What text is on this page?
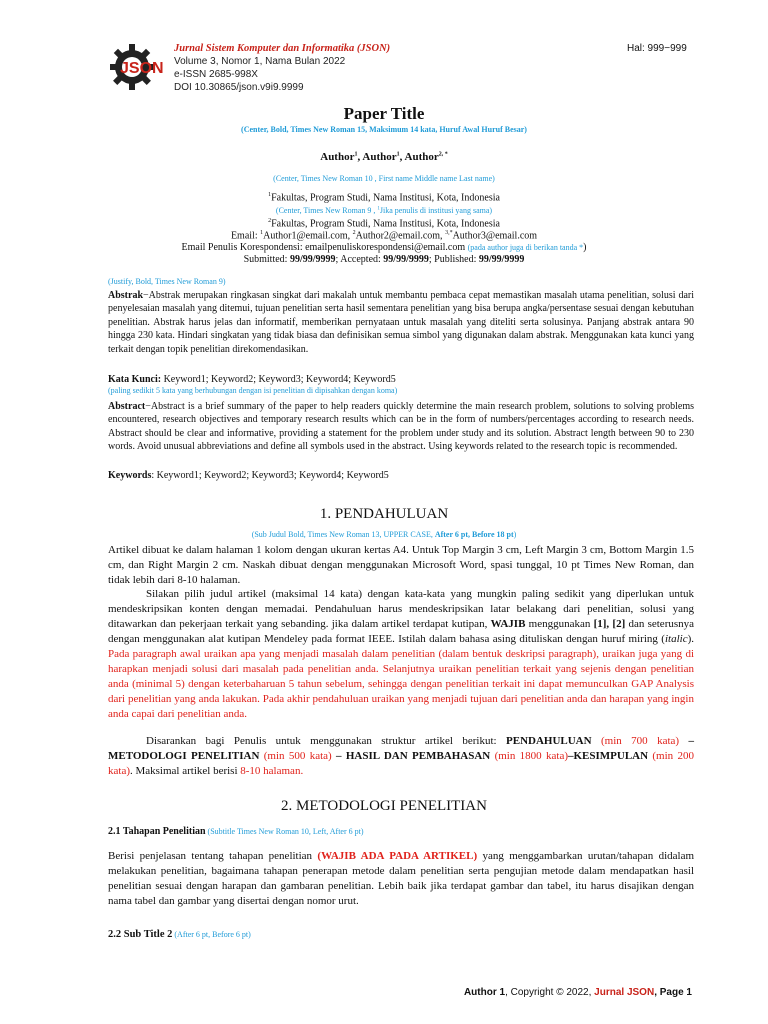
JSON
Jurnal Sistem Komputer dan Informatika (JSON)
Volume 3, Nomor 1, Nama Bulan 2022
e-ISSN 2685-998X
DOI 10.30865/json.v9i9.9999
Hal: 999−999
Paper Title
(Center, Bold, Times New Roman 15, Maksimum 14 kata, Huruf Awal Huruf Besar)
Author$^1$, Author$^1$, Author$^{2, *}$
(Center, Times New Roman 10 , First name Middle name Last name)
$^1$Fakultas, Program Studi, Nama Institusi, Kota, Indonesia
(Center, Times New Roman 9 , $^1$Jika penulis di institusi yang sama)
$^2$Fakultas, Program Studi, Nama Institusi, Kota, Indonesia
Email: $^1$Author1@email.com, $^2$Author2@email.com, $^{3,*}$Author3@email.com
Email Penulis Korespondensi: emailpenuliskorespondensi@email.com (pada author juga di berikan tanda *)
Submitted: 99/99/9999; Accepted: 99/99/9999; Published: 99/99/9999
(Justify, Bold, Times New Roman 9)
Abstrak−Abstrak merupakan ringkasan singkat dari makalah untuk membantu pembaca cepat memastikan masalah utama penelitian, solusi dari penyelesaian masalah yang ditemui, tujuan penelitian serta hasil sementara penelitian yang bisa berupa angka/persentase sesuai dengan kebutuhan penelitian. Abstrak harus jelas dan informatif, memberikan pernyataan untuk masalah yang diteliti serta solusinya. Panjang abstrak antara 90 hingga 230 kata. Hindari singkatan yang tidak biasa dan definisikan semua simbol yang digunakan dalam abstrak. Menggunakan kata kunci yang terkait dengan topik penelitian direkomendasikan.
Kata Kunci: Keyword1; Keyword2; Keyword3; Keyword4; Keyword5
(paling sedikit 5 kata yang berhubungan dengan isi penelitian di dipisahkan dengan koma)
Abstract−Abstract is a brief summary of the paper to help readers quickly determine the main research problem, solutions to solving problems encountered, research objectives and temporary research results which can be in the form of numbers/percentages according to research needs. Abstract should be clear and informative, providing a statement for the problem under study and its solution. Abstract length between 90 to 230 words. Avoid unusual abbreviations and define all symbols used in the abstract. Using keywords related to the research topic is recommended.
Keywords: Keyword1; Keyword2; Keyword3; Keyword4; Keyword5
1. PENDAHULUAN
(Sub Judul Bold, Times New Roman 13, UPPER CASE, After 6 pt, Before 18 pt)

Artikel dibuat ke dalam halaman 1 kolom dengan ukuran kertas A4. Untuk Top Margin 3 cm, Left Margin 3 cm, Bottom Margin 1.5 cm, dan Right Margin 2 cm. Naskah dibuat dengan menggunakan Microsoft Word, spasi tunggal, 10 pt Times New Roman, dan tidak lebih dari 8-10 halaman.

Silakan pilih judul artikel (maksimal 14 kata) dengan kata-kata yang mungkin paling sedikit yang diperlukan untuk mendeskripsikan konten dengan memadai. Pendahuluan harus mendeskripsikan latar belakang dari penelitian, solusi yang ditawarkan dan pekerjaan terkait yang sebanding. jika dalam artikel terdapat kutipan, WAJIB menggunakan [1], [2] dan seterusnya dengan menggunakan alat kutipan Mendeley pada format IEEE. Istilah dalam bahasa asing dituliskan dengan huruf miring (italic). Pada paragraph awal uraikan apa yang menjadi masalah dalam penelitian (dalam bentuk deskripsi paragraph), uraikan juga yang di harapkan menjadi solusi dari masalah pada penelitian anda. Selanjutnya uraikan penelitian terkait yang sejenis dengan penelitian anda (minimal 5) dengan keterbaharuan 5 tahun sebelum, sehingga dengan penelitian terkait ini dapat memunculkan GAP Analysis dari penelitian yang anda lakukan. Pada akhir pendahuluan uraikan yang menjadi tujuan dari penelitian anda dan harapan yang ingin anda capai dari penelitian anda.

Disarankan bagi Penulis untuk menggunakan struktur artikel berikut: PENDAHULUAN (min 700 kata) – METODOLOGI PENELITIAN (min 500 kata) – HASIL DAN PEMBAHASAN (min 1800 kata)–KESIMPULAN (min 200 kata). Maksimal artikel berisi 8-10 halaman.

2. METODOLOGI PENELITIAN
2.1 Tahapan Penelitian (Subtitle Times New Roman 10, Left, After 6 pt)

Berisi penjelasan tentang tahapan penelitian (WAJIB ADA PADA ARTIKEL) yang menggambarkan urutan/tahapan didalam melakukan penelitian, bagaimana tahapan penerapan metode dalam penelitian serta pengujian metode dalam mendapatkan hasil penelitian sesuai dengan harapan dan gambaran penelitian. Lebih baik jika terdapat gambar dan tabel, itu harus disajikan dengan nama tabel dan gambar yang disertai dengan nomor urut.

2.2 Sub Title 2 (After 6 pt, Before 6 pt)
Author 1, Copyright © 2022, Jurnal JSON, Page 1
